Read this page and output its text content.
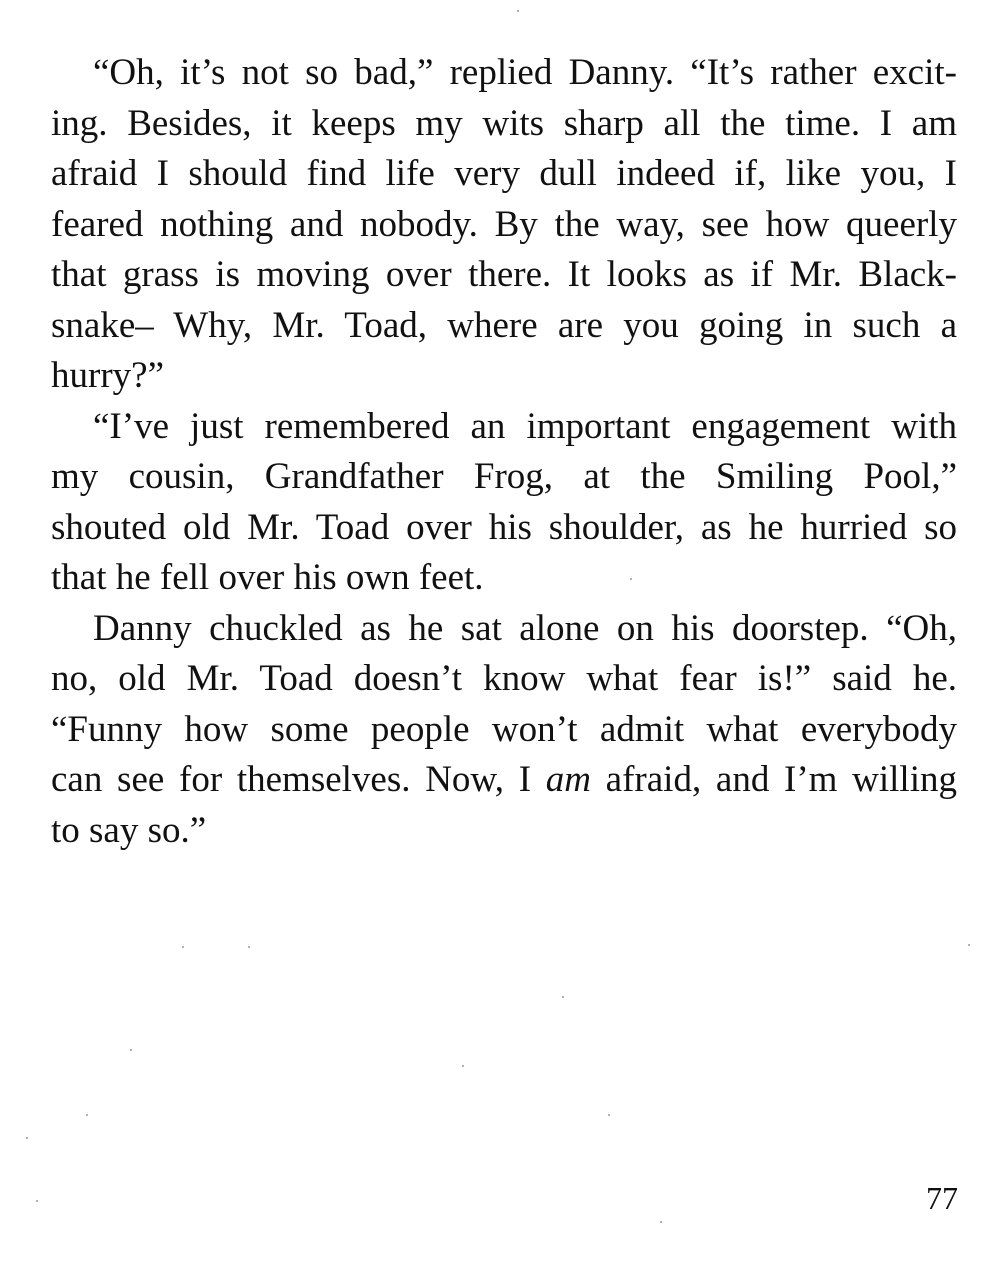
“Oh, it’s not so bad,” replied Danny. “It’s rather excit-
ing. Besides, it keeps my wits sharp all the time. I am
afraid I should find life very dull indeed if, like you, I
feared nothing and nobody. By the way, see how queerly
that grass is moving over there. It looks as if Mr. Black-
snake– Why, Mr. Toad, where are you going in such a
hurry?”
“I’ve just remembered an important engagement with
my cousin, Grandfather Frog, at the Smiling Pool,”
shouted old Mr. Toad over his shoulder, as he hurried so
that he fell over his own feet.
Danny chuckled as he sat alone on his doorstep. “Oh,
no, old Mr. Toad doesn’t know what fear is!” said he.
“Funny how some people won’t admit what everybody
can see for themselves. Now, I am afraid, and I’m willing
to say so.”
77
